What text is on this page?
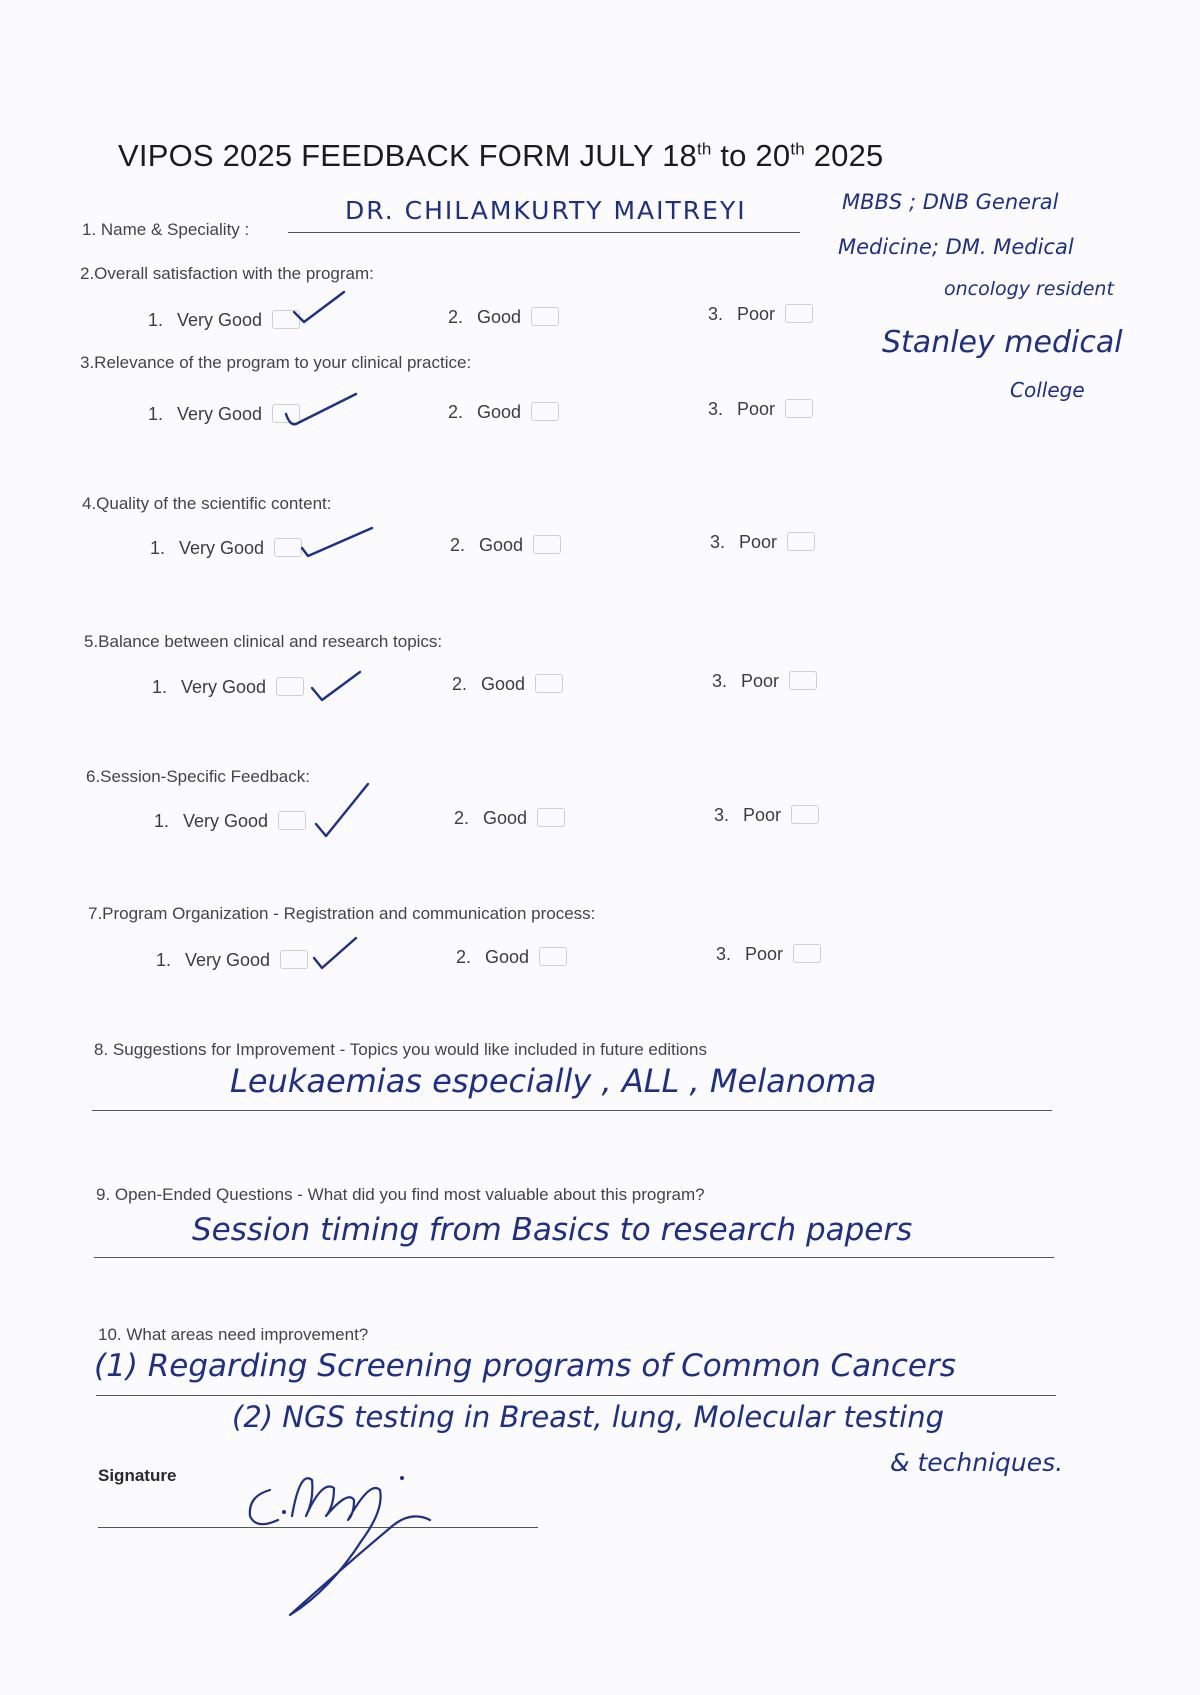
VIPOS 2025 FEEDBACK FORM JULY 18th to 20th 2025
1. Name & Speciality :
DR. CHILAMKURTY MAITREYI	MBBS ; DNB General
Medicine; DM. Medical
oncology resident
Stanley medical
College
2.Overall satisfaction with the program:
1. Very Good	2. Good	3. Poor
3.Relevance of the program to your clinical practice:
1. Very Good	2. Good	3. Poor
4.Quality of the scientific content:
1. Very Good	2. Good	3. Poor
5.Balance between clinical and research topics:
1. Very Good	2. Good	3. Poor
6.Session-Specific Feedback:
1. Very Good	2. Good	3. Poor
7.Program Organization - Registration and communication process:
1. Very Good	2. Good	3. Poor
8. Suggestions for Improvement - Topics you would like included in future editions
Leukaemias especially , ALL , Melanoma
9. Open-Ended Questions - What did you find most valuable about this program?
Session timing from Basics to research papers
10. What areas need improvement?
(1) Regarding Screening programs of Common Cancers
(2) NGS testing in Breast, lung, Molecular testing
& techniques.
Signature
